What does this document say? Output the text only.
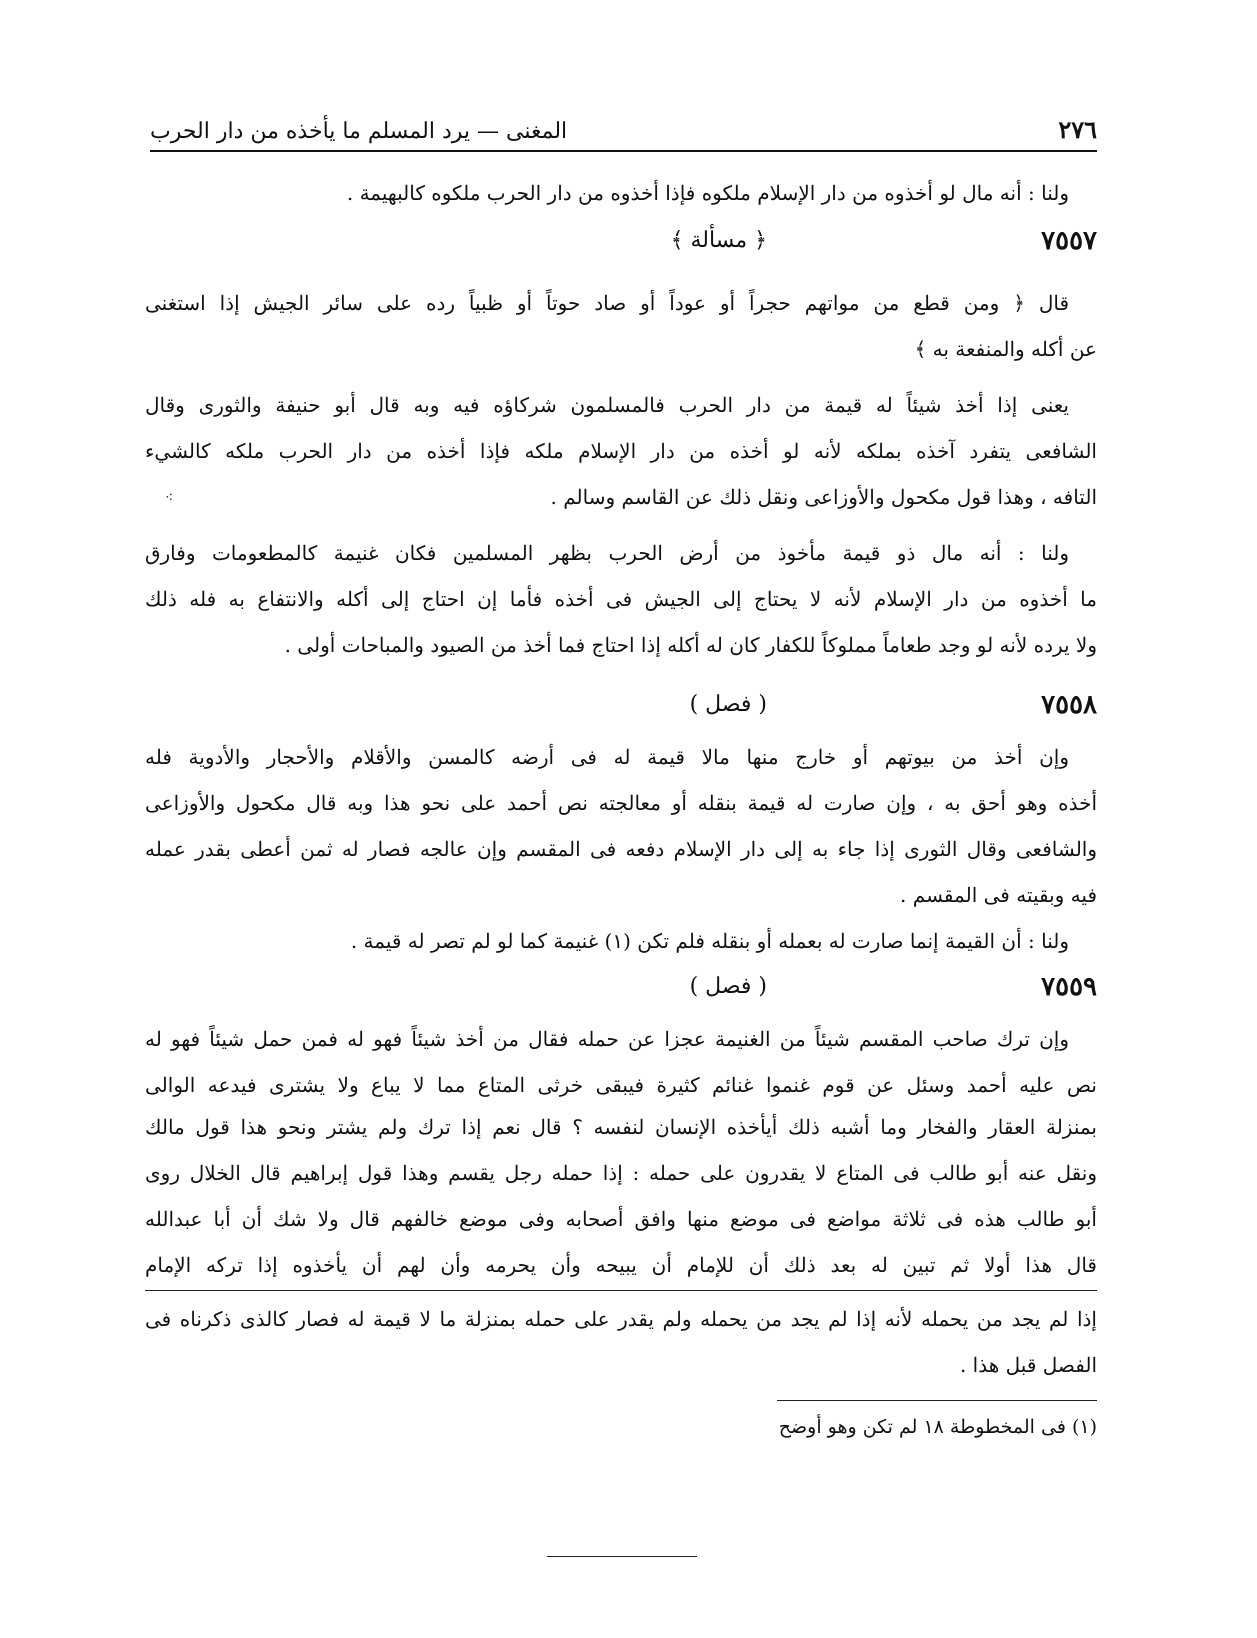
٢٧٦
المغنى — يرد المسلم ما يأخذه من دار الحرب
ولنا : أنه مال لو أخذوه من دار الإسلام ملكوه فإذا أخذوه من دار الحرب ملكوه كالبهيمة .
٧٥٥٧
﴿ مسألة ﴾
قال ﴿ ومن قطع من مواتهم حجراً أو عوداً أو صاد حوتاً أو ظبياً رده على سائر الجيش إذا استغنى
عن أكله والمنفعة به ﴾
يعنى إذا أخذ شيئاً له قيمة من دار الحرب فالمسلمون شركاؤه فيه وبه قال أبو حنيفة والثورى وقال
الشافعى يتفرد آخذه بملكه لأنه لو أخذه من دار الإسلام ملكه فإذا أخذه من دار الحرب ملكه كالشيء
التافه ، وهذا قول مكحول والأوزاعى ونقل ذلك عن القاسم وسالم .
⁖
ولنا : أنه مال ذو قيمة مأخوذ من أرض الحرب بظهر المسلمين فكان غنيمة كالمطعومات وفارق
ما أخذوه من دار الإسلام لأنه لا يحتاج إلى الجيش فى أخذه فأما إن احتاج إلى أكله والانتفاع به فله ذلك
ولا يرده لأنه لو وجد طعاماً مملوكاً للكفار كان له أكله إذا احتاج فما أخذ من الصيود والمباحات أولى .
٧٥٥٨
( فصل )
وإن أخذ من بيوتهم أو خارج منها مالا قيمة له فى أرضه كالمسن والأقلام والأحجار والأدوية فله
أخذه وهو أحق به ، وإن صارت له قيمة بنقله أو معالجته نص أحمد على نحو هذا وبه قال مكحول والأوزاعى
والشافعى وقال الثورى إذا جاء به إلى دار الإسلام دفعه فى المقسم وإن عالجه فصار له ثمن أعطى بقدر عمله
فيه وبقيته فى المقسم .
ولنا : أن القيمة إنما صارت له بعمله أو بنقله فلم تكن (١) غنيمة كما لو لم تصر له قيمة .
٧٥٥٩
( فصل )
وإن ترك صاحب المقسم شيئاً من الغنيمة عجزا عن حمله فقال من أخذ شيئاً فهو له فمن حمل شيئاً فهو له
نص عليه أحمد وسئل عن قوم غنموا غنائم كثيرة فيبقى خرثى المتاع مما لا يباع ولا يشترى فيدعه الوالى
بمنزلة العقار والفخار وما أشبه ذلك أيأخذه الإنسان لنفسه ؟ قال نعم إذا ترك ولم يشتر ونحو هذا قول مالك
ونقل عنه أبو طالب فى المتاع لا يقدرون على حمله : إذا حمله رجل يقسم وهذا قول إبراهيم قال الخلال روى
أبو طالب هذه فى ثلاثة مواضع فى موضع منها وافق أصحابه وفى موضع خالفهم قال ولا شك أن أبا عبدالله
قال هذا أولا ثم تبين له بعد ذلك أن للإمام أن يبيحه وأن يحرمه وأن لهم أن يأخذوه إذا تركه الإمام
إذا لم يجد من يحمله لأنه إذا لم يجد من يحمله ولم يقدر على حمله بمنزلة ما لا قيمة له فصار كالذى ذكرناه فى
الفصل قبل هذا .
(١) فى المخطوطة ١٨ لم تكن وهو أوضح
